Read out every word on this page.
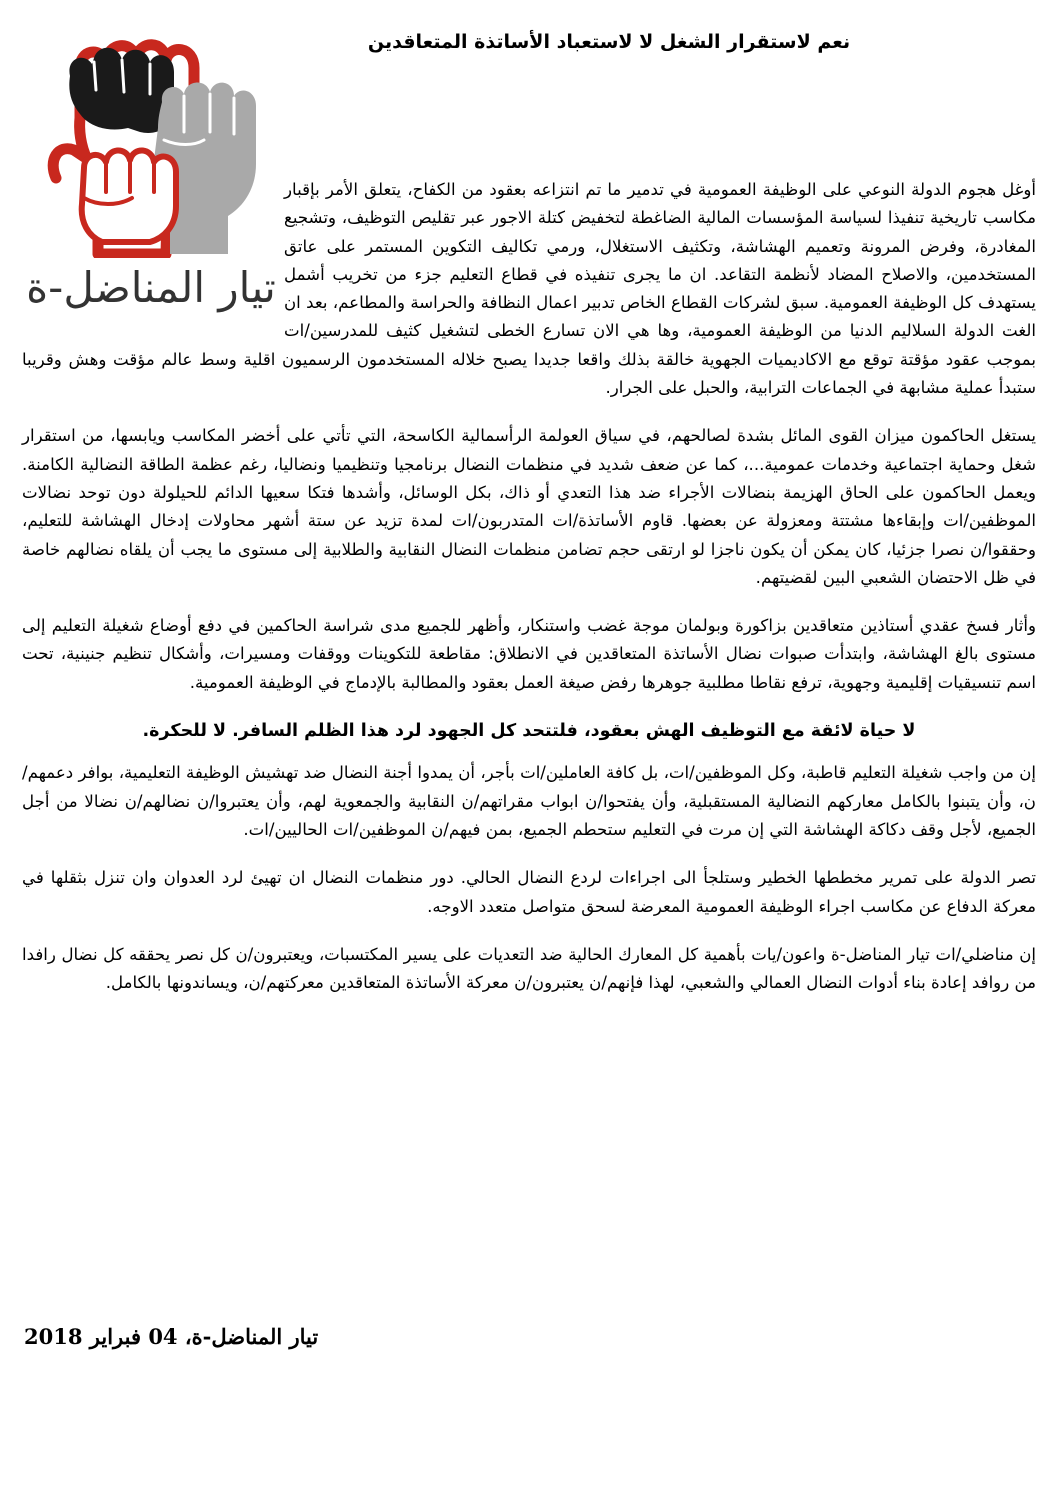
نعم لاستقرار الشغل لا لاستعباد الأساتذة المتعاقدين
تيار المناضل-ة

أوغل هجوم الدولة النوعي على الوظيفة العمومية في تدمير ما تم انتزاعه بعقود من الكفاح، يتعلق الأمر بإقبار مكاسب تاريخية تنفيذا لسياسة المؤسسات المالية الضاغطة لتخفيض كتلة الاجور عبر تقليص التوظيف، وتشجيع المغادرة، وفرض المرونة وتعميم الهشاشة، وتكثيف الاستغلال، ورمي تكاليف التكوين المستمر على عاتق المستخدمين، والاصلاح المضاد لأنظمة التقاعد. ان ما يجرى تنفيذه في قطاع التعليم جزء من تخريب أشمل يستهدف كل الوظيفة العمومية. سبق لشركات القطاع الخاص تدبير اعمال النظافة والحراسة والمطاعم، بعد ان الغت الدولة السلاليم الدنيا من الوظيفة العمومية، وها هي الان تسارع الخطى لتشغيل كثيف للمدرسين/ات بموجب عقود مؤقتة توقع مع الاكاديميات الجهوية خالقة بذلك واقعا جديدا يصبح خلاله المستخدمون الرسميون اقلية وسط عالم مؤقت وهش وقريبا ستبدأ عملية مشابهة في الجماعات الترابية، والحبل على الجرار.

يستغل الحاكمون ميزان القوى المائل بشدة لصالحهم، في سياق العولمة الرأسمالية الكاسحة، التي تأتي على أخضر المكاسب ويابسها، من استقرار شغل وحماية اجتماعية وخدمات عمومية...، كما عن ضعف شديد في منظمات النضال برنامجيا وتنظيميا ونضاليا، رغم عظمة الطاقة النضالية الكامنة. ويعمل الحاكمون على الحاق الهزيمة بنضالات الأجراء ضد هذا التعدي أو ذاك، بكل الوسائل، وأشدها فتكا سعيها الدائم للحيلولة دون توحد نضالات الموظفين/ات وإبقاءها مشتتة ومعزولة عن بعضها. قاوم الأساتذة/ات المتدربون/ات لمدة تزيد عن ستة أشهر محاولات إدخال الهشاشة للتعليم، وحققوا/ن نصرا جزئيا، كان يمكن أن يكون ناجزا لو ارتقى حجم تضامن منظمات النضال النقابية والطلابية إلى مستوى ما يجب أن يلقاه نضالهم خاصة في ظل الاحتضان الشعبي البين لقضيتهم.

وأثار فسخ عقدي أستاذين متعاقدين بزاكورة وبولمان موجة غضب واستنكار، وأظهر للجميع مدى شراسة الحاكمين في دفع أوضاع شغيلة التعليم إلى مستوى بالغ الهشاشة، وابتدأت صبوات نضال الأساتذة المتعاقدين في الانطلاق: مقاطعة للتكوينات ووقفات ومسيرات، وأشكال تنظيم جنينية، تحت اسم تنسيقيات إقليمية وجهوية، ترفع نقاطا مطلبية جوهرها رفض صيغة العمل بعقود والمطالبة بالإدماج في الوظيفة العمومية.

لا حياة لائقة مع التوظيف الهش بعقود، فلتتحد كل الجهود لرد هذا الظلم السافر. لا للحكرة.

إن من واجب شغيلة التعليم قاطبة، وكل الموظفين/ات، بل كافة العاملين/ات بأجر، أن يمدوا أجنة النضال ضد تهشيش الوظيفة التعليمية، بوافر دعمهم/ن، وأن يتبنوا بالكامل معاركهم النضالية المستقبلية، وأن يفتحوا/ن ابواب مقراتهم/ن النقابية والجمعوية لهم، وأن يعتبروا/ن نضالهم/ن نضالا من أجل الجميع، لأجل وقف دكاكة الهشاشة التي إن مرت في التعليم ستحطم الجميع، بمن فيهم/ن الموظفين/ات الحاليين/ات.

تصر الدولة على تمرير مخططها الخطير وستلجأ الى اجراءات لردع النضال الحالي. دور منظمات النضال ان تهيئ لرد العدوان وان تنزل بثقلها في معركة الدفاع عن مكاسب اجراء الوظيفة العمومية المعرضة لسحق متواصل متعدد الاوجه.

إن مناضلي/ات تيار المناضل-ة واعون/يات بأهمية كل المعارك الحالية ضد التعديات على يسير المكتسبات، ويعتبرون/ن كل نصر يحققه كل نضال رافدا من روافد إعادة بناء أدوات النضال العمالي والشعبي، لهذا فإنهم/ن يعتبرون/ن معركة الأساتذة المتعاقدين معركتهم/ن، ويساندونها بالكامل.

تيار المناضل-ة، 04 فبراير 2018
